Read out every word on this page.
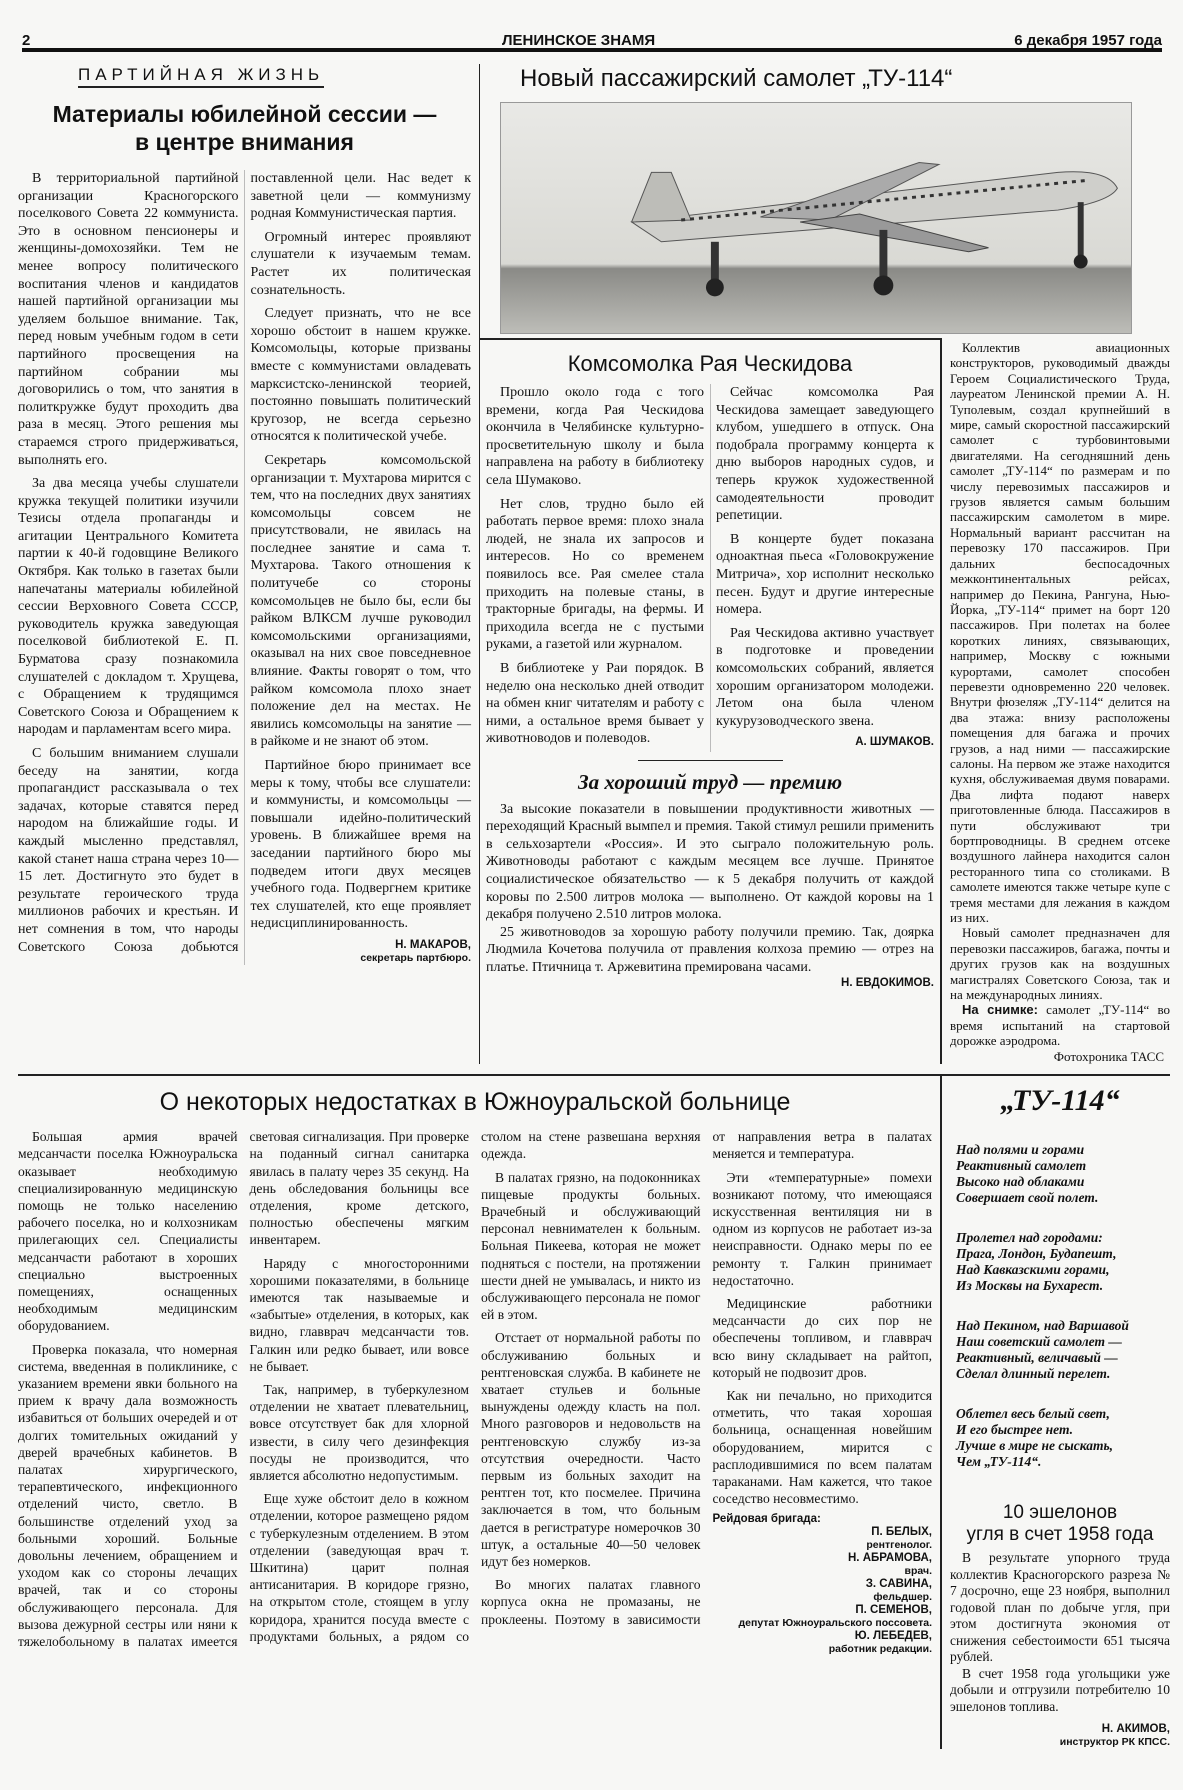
2	ЛЕНИНСКОЕ ЗНАМЯ	6 декабря 1957 года
ПАРТИЙНАЯ ЖИЗНЬ
Материалы юбилейной сессии —
в центре внимания

В территориальной партийной организации Красногорского поселкового Совета 22 коммуниста. Это в основном пенсионеры и женщины-домохозяйки. Тем не менее вопросу политического воспитания членов и кандидатов нашей партийной организации мы уделяем большое внимание. Так, перед новым учебным годом в сети партийного просвещения на партийном собрании мы договорились о том, что занятия в политкружке будут проходить два раза в месяц. Этого решения мы стараемся строго придерживаться, выполнять его.

За два месяца учебы слушатели кружка текущей политики изучили Тезисы отдела пропаганды и агитации Центрального Комитета партии к 40-й годовщине Великого Октября. Как только в газетах были напечатаны материалы юбилейной сессии Верховного Совета СССР, руководитель кружка заведующая поселковой библиотекой Е. П. Бурматова сразу познакомила слушателей с докладом т. Хрущева, с Обращением к трудящимся Советского Союза и Обращением к народам и парламентам всего мира.

С большим вниманием слушали беседу на занятии, когда пропагандист рассказывала о тех задачах, которые ставятся перед народом на ближайшие годы. И каждый мысленно представлял, какой станет наша страна через 10—15 лет. Достигнуто это будет в результате героического труда миллионов рабочих и крестьян. И нет сомнения в том, что народы Советского Союза добьются поставленной цели. Нас ведет к заветной цели — коммунизму родная Коммунистическая партия.

Огромный интерес проявляют слушатели к изучаемым темам. Растет их политическая сознательность.

Следует признать, что не все хорошо обстоит в нашем кружке. Комсомольцы, которые призваны вместе с коммунистами овладевать марксистско-ленинской теорией, постоянно повышать политический кругозор, не всегда серьезно относятся к политической учебе.

Секретарь комсомольской организации т. Мухтарова мирится с тем, что на последних двух занятиях комсомольцы совсем не присутствовали, не явилась на последнее занятие и сама т. Мухтарова. Такого отношения к политучебе со стороны комсомольцев не было бы, если бы райком ВЛКСМ лучше руководил комсомольскими организациями, оказывал на них свое повседневное влияние. Факты говорят о том, что райком комсомола плохо знает положение дел на местах. Не явились комсомольцы на занятие — в райкоме и не знают об этом.

Партийное бюро принимает все меры к тому, чтобы все слушатели: и коммунисты, и комсомольцы — повышали идейно-политический уровень. В ближайшее время на заседании партийного бюро мы подведем итоги двух месяцев учебного года. Подвергнем критике тех слушателей, кто еще проявляет недисциплинированность.

Н. МАКАРОВ,
секретарь партбюро.
Новый пассажирский самолет „ТУ-114“
Комсомолка Рая Ческидова

Прошло около года с того времени, когда Рая Ческидова окончила в Челябинске культурно-просветительную школу и была направлена на работу в библиотеку села Шумаково.

Нет слов, трудно было ей работать первое время: плохо знала людей, не знала их запросов и интересов. Но со временем появилось все. Рая смелее стала приходить на полевые станы, в тракторные бригады, на фермы. И приходила всегда не с пустыми руками, а газетой или журналом.

В библиотеке у Раи порядок. В неделю она несколько дней отводит на обмен книг читателям и работу с ними, а остальное время бывает у животноводов и полеводов.

Сейчас комсомолка Рая Ческидова замещает заведующего клубом, ушедшего в отпуск. Она подобрала программу концерта к дню выборов народных судов, и теперь кружок художественной самодеятельности проводит репетиции.

В концерте будет показана одноактная пьеса «Головокружение Митрича», хор исполнит несколько песен. Будут и другие интересные номера.

Рая Ческидова активно участвует в подготовке и проведении комсомольских собраний, является хорошим организатором молодежи. Летом она была членом кукурузоводческого звена.

А. ШУМАКОВ.
За хороший труд — премию

За высокие показатели в повышении продуктивности животных — переходящий Красный вымпел и премия. Такой стимул решили применить в сельхозартели «Россия». И это сыграло положительную роль. Животноводы работают с каждым месяцем все лучше. Принятое социалистическое обязательство — к 5 декабря получить от каждой коровы по 2.500 литров молока — выполнено. От каждой коровы на 1 декабря получено 2.510 литров молока.

25 животноводов за хорошую работу получили премию. Так, доярка Людмила Кочетова получила от правления колхоза премию — отрез на платье. Птичница т. Аржевитина премирована часами.

Н. ЕВДОКИМОВ.

Коллектив авиационных конструкторов, руководимый дважды Героем Социалистического Труда, лауреатом Ленинской премии А. Н. Туполевым, создал крупнейший в мире, самый скоростной пассажирский самолет с турбовинтовыми двигателями. На сегодняшний день самолет „ТУ-114“ по размерам и по числу перевозимых пассажиров и грузов является самым большим пассажирским самолетом в мире. Нормальный вариант рассчитан на перевозку 170 пассажиров. При дальних беспосадочных межконтинентальных рейсах, например до Пекина, Рангуна, Нью-Йорка, „ТУ-114“ примет на борт 120 пассажиров. При полетах на более коротких линиях, связывающих, например, Москву с южными курортами, самолет способен перевезти одновременно 220 человек. Внутри фюзеляж „ТУ-114“ делится на два этажа: внизу расположены помещения для багажа и прочих грузов, а над ними — пассажирские салоны. На первом же этаже находится кухня, обслуживаемая двумя поварами. Два лифта подают наверх приготовленные блюда. Пассажиров в пути обслуживают три бортпроводницы. В среднем отсеке воздушного лайнера находится салон ресторанного типа со столиками. В самолете имеются также четыре купе с тремя местами для лежания в каждом из них.

Новый самолет предназначен для перевозки пассажиров, багажа, почты и других грузов как на воздушных магистралях Советского Союза, так и на международных линиях.

На снимке: самолет „ТУ-114“ во время испытаний на стартовой дорожке аэродрома.

Фотохроника ТАСС
О некоторых недостатках в Южноуральской больнице

Большая армия врачей медсанчасти поселка Южноуральска оказывает необходимую специализированную медицинскую помощь не только населению рабочего поселка, но и колхозникам прилегающих сел. Специалисты медсанчасти работают в хороших специально выстроенных помещениях, оснащенных необходимым медицинским оборудованием.

Проверка показала, что номерная система, введенная в поликлинике, с указанием времени явки больного на прием к врачу дала возможность избавиться от больших очередей и от долгих томительных ожиданий у дверей врачебных кабинетов. В палатах хирургического, терапевтического, инфекционного отделений чисто, светло. В большинстве отделений уход за больными хороший. Больные довольны лечением, обращением и уходом как со стороны лечащих врачей, так и со стороны обслуживающего персонала. Для вызова дежурной сестры или няни к тяжелобольному в палатах имеется световая сигнализация. При проверке на поданный сигнал санитарка явилась в палату через 35 секунд. На день обследования больницы все отделения, кроме детского, полностью обеспечены мягким инвентарем.

Наряду с многосторонними хорошими показателями, в больнице имеются так называемые и «забытые» отделения, в которых, как видно, главврач медсанчасти тов. Галкин или редко бывает, или вовсе не бывает.

Так, например, в туберкулезном отделении не хватает плевательниц, вовсе отсутствует бак для хлорной извести, в силу чего дезинфекция посуды не производится, что является абсолютно недопустимым.

Еще хуже обстоит дело в кожном отделении, которое размещено рядом с туберкулезным отделением. В этом отделении (заведующая врач т. Шкитина) царит полная антисанитария. В коридоре грязно, на открытом столе, стоящем в углу коридора, хранится посуда вместе с продуктами больных, а рядом со столом на стене развешана верхняя одежда.

В палатах грязно, на подоконниках пищевые продукты больных. Врачебный и обслуживающий персонал невнимателен к больным. Больная Пикеева, которая не может подняться с постели, на протяжении шести дней не умывалась, и никто из обслуживающего персонала не помог ей в этом.

Отстает от нормальной работы по обслуживанию больных и рентгеновская служба. В кабинете не хватает стульев и больные вынуждены одежду класть на пол. Много разговоров и недовольств на рентгеновскую службу из-за отсутствия очередности. Часто первым из больных заходит на рентген тот, кто посмелее. Причина заключается в том, что больным дается в регистратуре номерочков 30 штук, а остальные 40—50 человек идут без номерков.

Во многих палатах главного корпуса окна не промазаны, не проклеены. Поэтому в зависимости от направления ветра в палатах меняется и температура.

Эти «температурные» помехи возникают потому, что имеющаяся искусственная вентиляция ни в одном из корпусов не работает из-за неисправности. Однако меры по ее ремонту т. Галкин принимает недостаточно.

Медицинские работники медсанчасти до сих пор не обеспечены топливом, и главврач всю вину складывает на райтоп, который не подвозит дров.

Как ни печально, но приходится отметить, что такая хорошая больница, оснащенная новейшим оборудованием, мирится с расплодившимися по всем палатам тараканами. Нам кажется, что такое соседство несовместимо.

Рейдовая бригада:
П. БЕЛЫХ,
рентгенолог.
Н. АБРАМОВА,
врач.
З. САВИНА,
фельдшер.
П. СЕМЕНОВ,
депутат Южноуральского поссовета.
Ю. ЛЕБЕДЕВ,
работник редакции.
„ТУ-114“

Над полями и горами
Реактивный самолет
Высоко над облаками
Совершает свой полет.

Пролетел над городами:
Прага, Лондон, Будапешт,
Над Кавказскими горами,
Из Москвы на Бухарест.

Над Пекином, над Варшавой
Наш советский самолет —
Реактивный, величавый —
Сделал длинный перелет.

Облетел весь белый свет,
И его быстрее нет.
Лучше в мире не сыскать,
Чем „ТУ-114“.

10 эшелонов
угля в счет 1958 года

В результате упорного труда коллектив Красногорского разреза № 7 досрочно, еще 23 ноября, выполнил годовой план по добыче угля, при этом достигнута экономия от снижения себестоимости 651 тысяча рублей.

В счет 1958 года угольщики уже добыли и отгрузили потребителю 10 эшелонов топлива.

Н. АКИМОВ,
инструктор РК КПСС.
